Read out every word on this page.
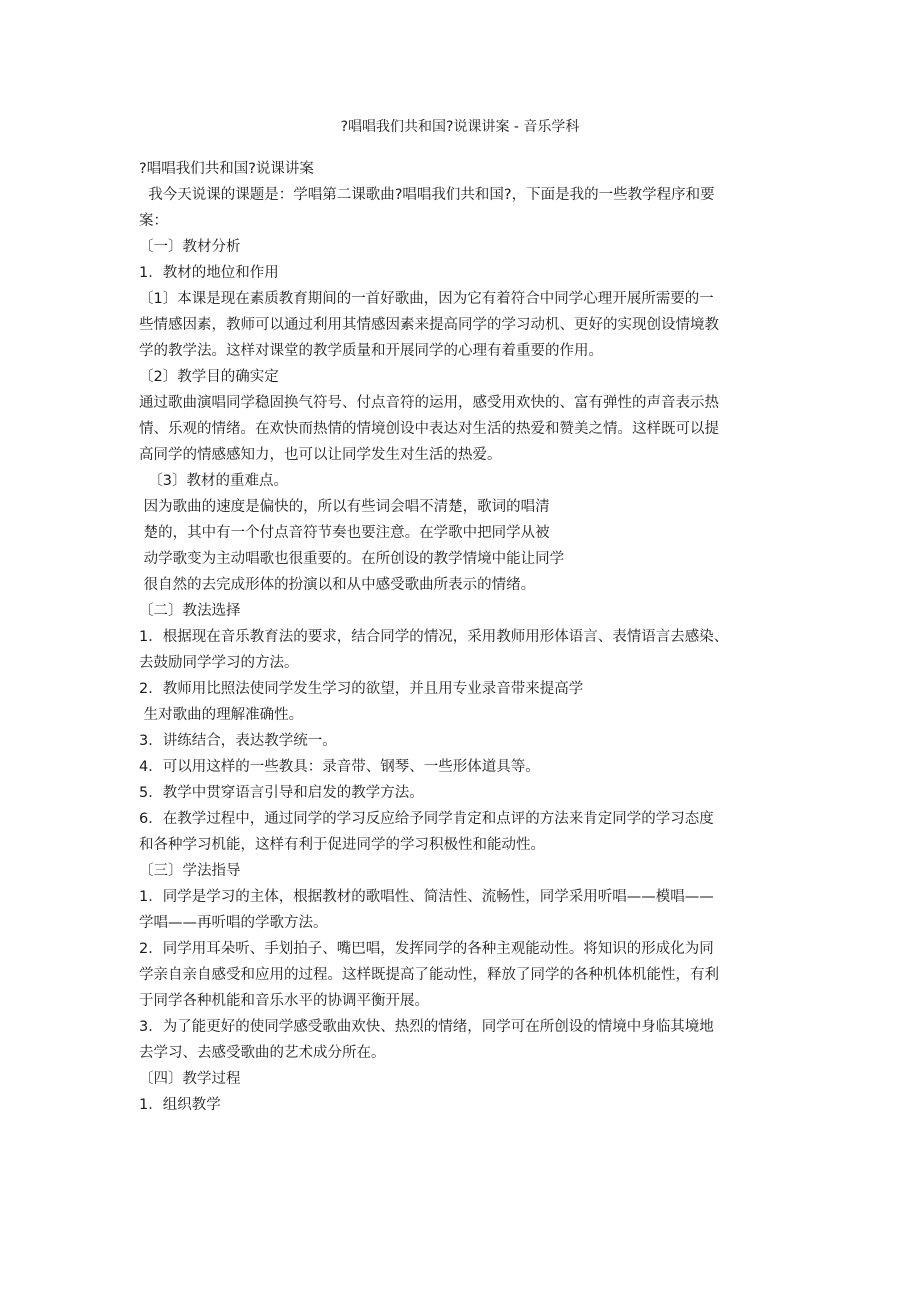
?唱唱我们共和国?说课讲案 - 音乐学科
?唱唱我们共和国?说课讲案
我今天说课的课题是：学唱第二课歌曲?唱唱我们共和国?，下面是我的一些教学程序和要
案：
〔一〕教材分析
1．教材的地位和作用
〔1〕本课是现在素质教育期间的一首好歌曲，因为它有着符合中同学心理开展所需要的一
些情感因素，教师可以通过利用其情感因素来提高同学的学习动机、更好的实现创设情境教
学的教学法。这样对课堂的教学质量和开展同学的心理有着重要的作用。
〔2〕教学目的确实定
通过歌曲演唱同学稳固换气符号、付点音符的运用，感受用欢快的、富有弹性的声音表示热
情、乐观的情绪。在欢快而热情的情境创设中表达对生活的热爱和赞美之情。这样既可以提
高同学的情感感知力，也可以让同学发生对生活的热爱。
〔3〕教材的重难点。
因为歌曲的速度是偏快的，所以有些词会唱不清楚，歌词的唱清
楚的，其中有一个付点音符节奏也要注意。在学歌中把同学从被
动学歌变为主动唱歌也很重要的。在所创设的教学情境中能让同学
很自然的去完成形体的扮演以和从中感受歌曲所表示的情绪。
〔二〕教法选择
1．根据现在音乐教育法的要求，结合同学的情况，采用教师用形体语言、表情语言去感染、
去鼓励同学学习的方法。
2．教师用比照法使同学发生学习的欲望，并且用专业录音带来提高学
生对歌曲的理解准确性。
3．讲练结合，表达教学统一。
4．可以用这样的一些教具：录音带、钢琴、一些形体道具等。
5．教学中贯穿语言引导和启发的教学方法。
6．在教学过程中，通过同学的学习反应给予同学肯定和点评的方法来肯定同学的学习态度
和各种学习机能，这样有利于促进同学的学习积极性和能动性。
〔三〕学法指导
1．同学是学习的主体，根据教材的歌唱性、简洁性、流畅性，同学采用听唱——模唱——
学唱——再听唱的学歌方法。
2．同学用耳朵听、手划拍子、嘴巴唱，发挥同学的各种主观能动性。将知识的形成化为同
学亲自亲自感受和应用的过程。这样既提高了能动性，释放了同学的各种机体机能性，有利
于同学各种机能和音乐水平的协调平衡开展。
3．为了能更好的使同学感受歌曲欢快、热烈的情绪，同学可在所创设的情境中身临其境地
去学习、去感受歌曲的艺术成分所在。
〔四〕教学过程
1．组织教学
